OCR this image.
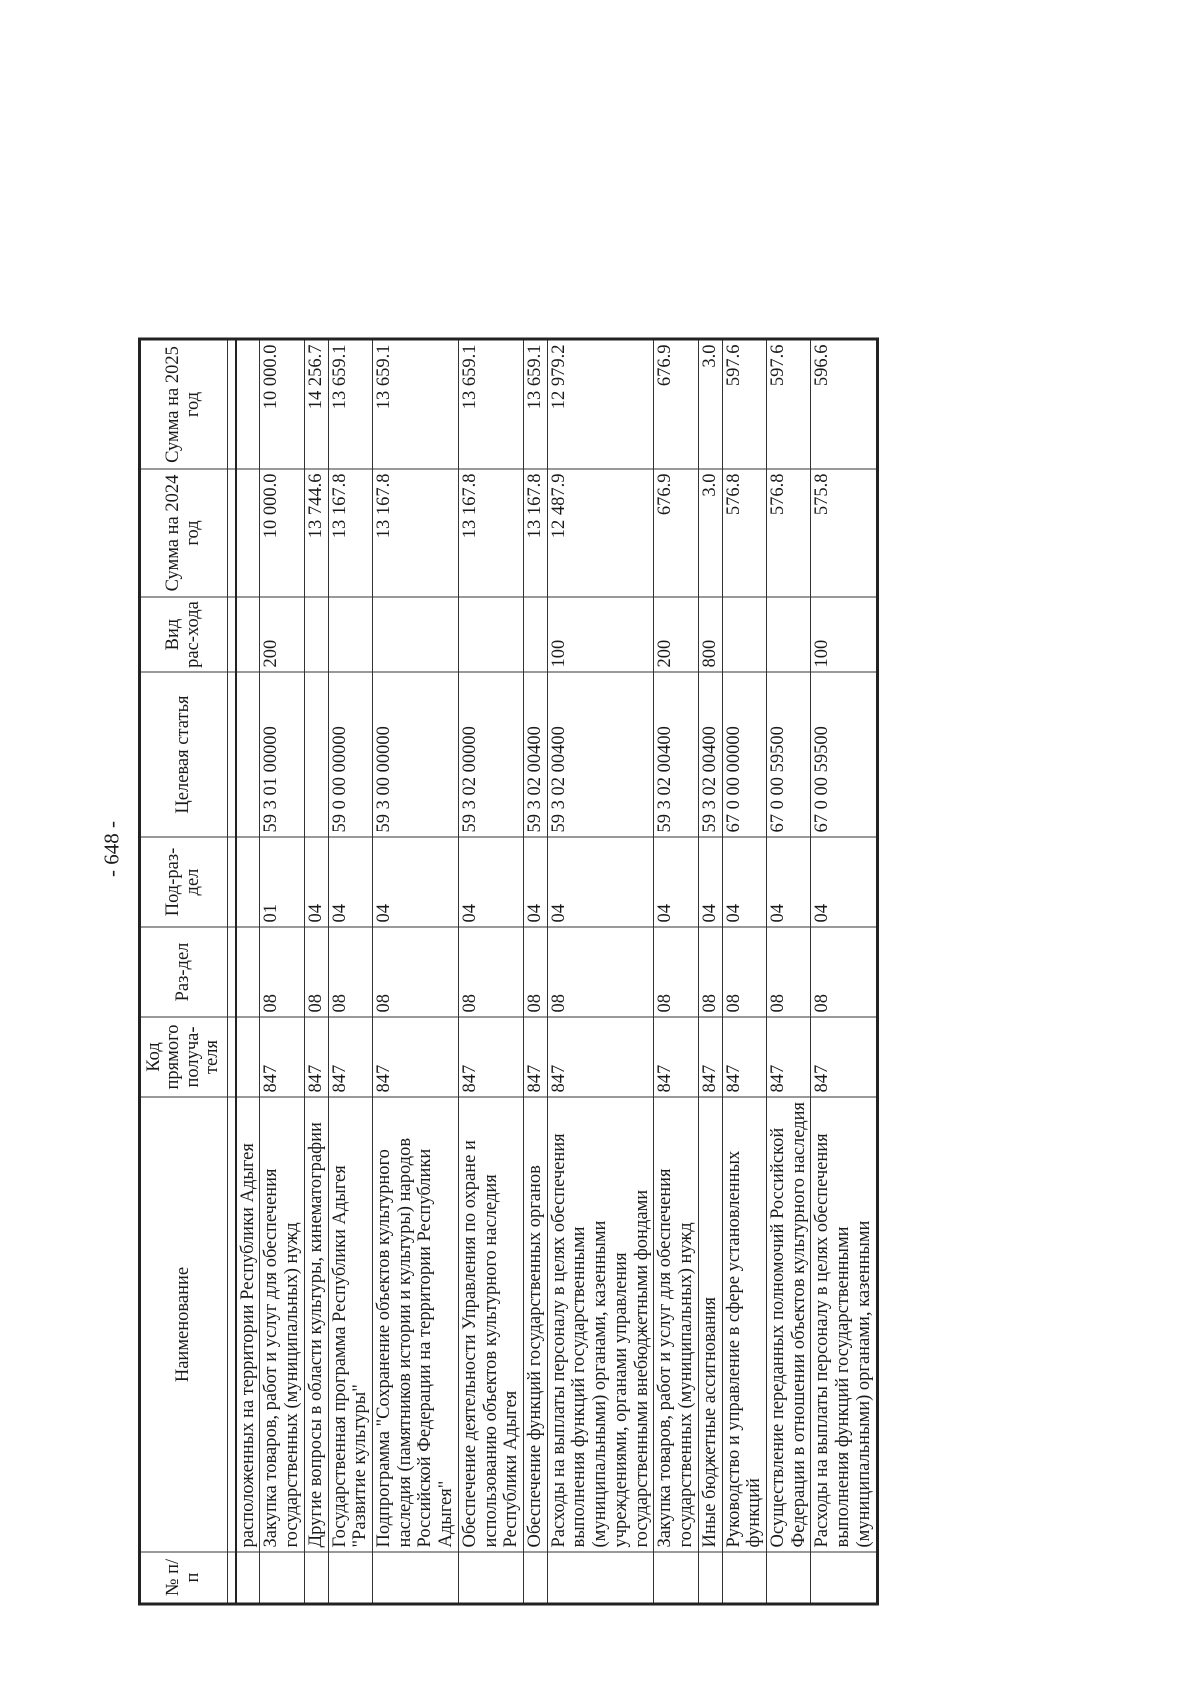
- 648 -
№ п/п	Наименование	Код прямого получа-теля	Раз-дел	Под-раз-дел	Целевая статья	Вид рас-хода	Сумма на 2024 год	Сумма на 2025 год

	расположенных на территории Республики Адыгея							
	Закупка товаров, работ и услуг для обеспечения государственных (муниципальных) нужд	847	08	01	59 3 01 00000	200	10 000.0	10 000.0
	Другие вопросы в области культуры, кинематографии	847	08	04			13 744.6	14 256.7
	Государственная программа Республики Адыгея "Развитие культуры"	847	08	04	59 0 00 00000		13 167.8	13 659.1
	Подпрограмма "Сохранение объектов культурного наследия (памятников истории и культуры) народов Российской Федерации на территории Республики Адыгея"	847	08	04	59 3 00 00000		13 167.8	13 659.1
	Обеспечение деятельности Управления по охране и использованию объектов культурного наследия Республики Адыгея	847	08	04	59 3 02 00000		13 167.8	13 659.1
	Обеспечение функций государственных органов	847	08	04	59 3 02 00400		13 167.8	13 659.1
	Расходы на выплаты персоналу в целях обеспечения выполнения функций государственными (муниципальными) органами, казенными учреждениями, органами управления государственными внебюджетными фондами	847	08	04	59 3 02 00400	100	12 487.9	12 979.2
	Закупка товаров, работ и услуг для обеспечения государственных (муниципальных) нужд	847	08	04	59 3 02 00400	200	676.9	676.9
	Иные бюджетные ассигнования	847	08	04	59 3 02 00400	800	3.0	3.0
	Руководство и управление в сфере установленных функций	847	08	04	67 0 00 00000		576.8	597.6
	Осуществление переданных полномочий Российской Федерации в отношении объектов культурного наследия	847	08	04	67 0 00 59500		576.8	597.6
	Расходы на выплаты персоналу в целях обеспечения выполнения функций государственными (муниципальными) органами, казенными	847	08	04	67 0 00 59500	100	575.8	596.6
